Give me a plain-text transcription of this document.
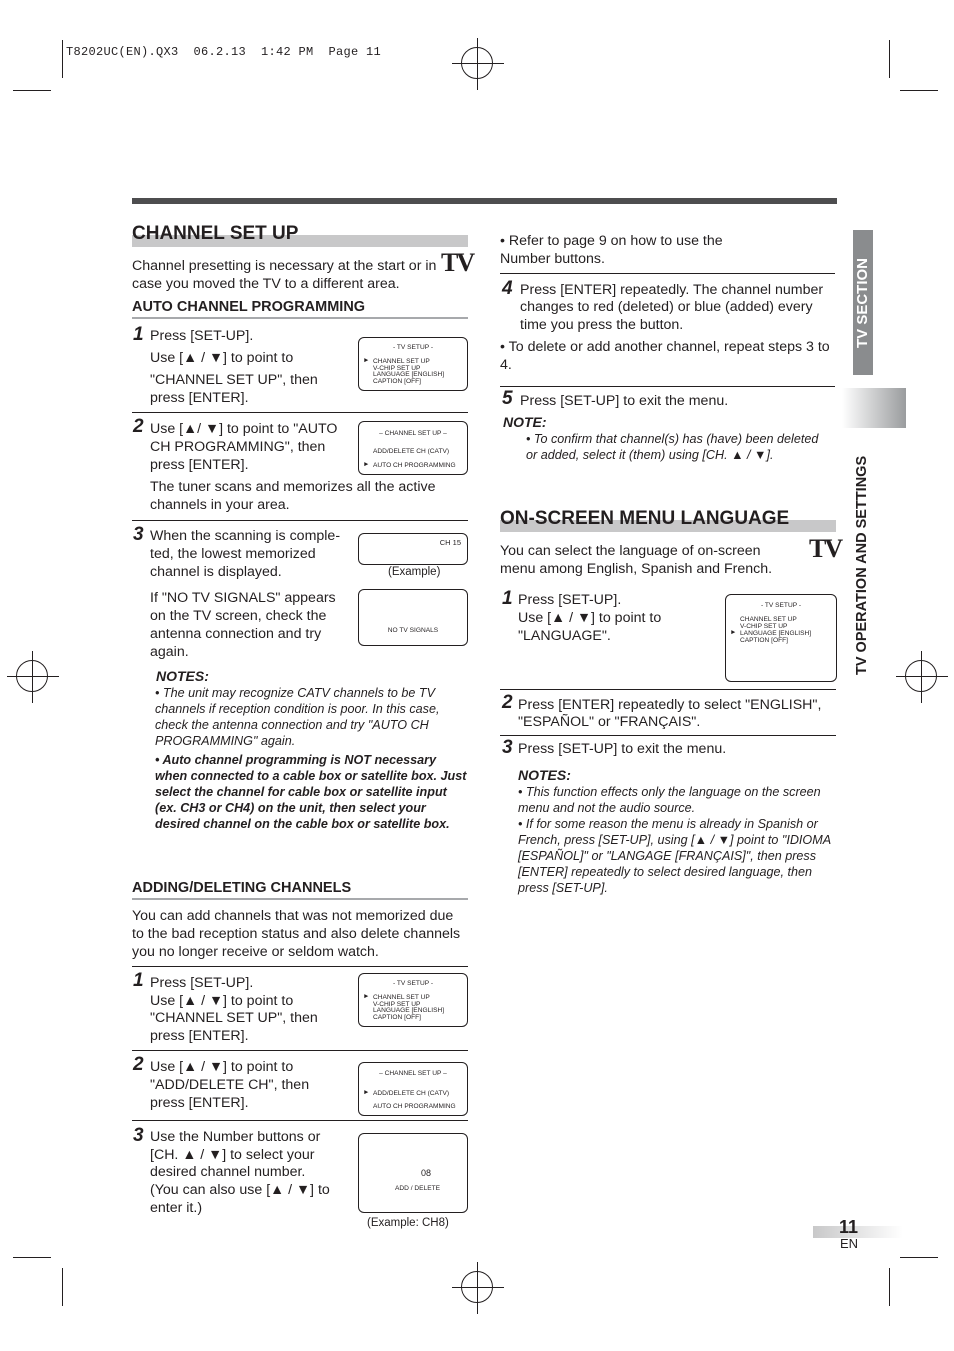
T8202UC(EN).QX3  06.2.13  1:42 PM  Page 11
TV SECTION
TV OPERATION AND SETTINGS
CHANNEL SET UP
TV
Channel presetting is necessary at the start or in case you moved the TV to a different area.
AUTO CHANNEL PROGRAMMING
1 Press [SET-UP].
Use [▲ / ▼] to point to
"CHANNEL SET UP", then
press [ENTER].
- TV SETUP -
► CHANNEL SET UP
V-CHIP SET UP
LANGUAGE [ENGLISH]
CAPTION [OFF]
2 Use [▲/ ▼] to point to "AUTO
CH PROGRAMMING", then
press [ENTER].
– CHANNEL SET UP –
ADD/DELETE CH (CATV)
► AUTO CH PROGRAMMING
The tuner scans and memorizes all the active channels in your area.
3 When the scanning is comple-
ted, the lowest memorized
channel is displayed.
If "NO TV SIGNALS" appears
on the TV screen, check the
antenna connection and try
again.
CH 15
(Example)
NO TV SIGNALS
NOTES:
• The unit may recognize CATV channels to be TV channels if reception condition is poor. In this case, check the antenna connection and try "AUTO CH PROGRAMMING" again.
• Auto channel programming is NOT necessary when connected to a cable box or satellite box. Just select the channel for cable box or satellite input (ex. CH3 or CH4) on the unit, then select your desired channel on the cable box or satellite box.
ADDING/DELETING CHANNELS
You can add channels that was not memorized due to the bad reception status and also delete channels you no longer receive or seldom watch.
1 Press [SET-UP].
Use [▲ / ▼] to point to
"CHANNEL SET UP", then
press [ENTER].
- TV SETUP -
► CHANNEL SET UP
V-CHIP SET UP
LANGUAGE [ENGLISH]
CAPTION [OFF]
2 Use [▲ / ▼] to point to
"ADD/DELETE CH", then
press [ENTER].
– CHANNEL SET UP –
► ADD/DELETE CH (CATV)
AUTO CH PROGRAMMING
3 Use the Number buttons or
[CH. ▲ / ▼] to select your
desired channel number.
(You can also use [▲ / ▼] to
enter it.)
08
ADD / DELETE
(Example: CH8)
• Refer to page 9 on how to use the Number buttons.
4 Press [ENTER] repeatedly. The channel number
changes to red (deleted) or blue (added) every
time you press the button.
• To delete or add another channel, repeat steps 3 to 4.
5 Press [SET-UP] to exit the menu.
NOTE:
• To confirm that channel(s) has (have) been deleted or added, select it (them) using [CH. ▲ / ▼].
ON-SCREEN MENU LANGUAGE
TV
You can select the language of on-screen menu among English, Spanish and French.
1 Press [SET-UP].
Use [▲ / ▼] to point to
"LANGUAGE".
- TV SETUP -
CHANNEL SET UP
V-CHIP SET UP
► LANGUAGE [ENGLISH]
CAPTION [OFF]
2 Press [ENTER] repeatedly to select "ENGLISH",
"ESPAÑOL" or "FRANÇAIS".
3 Press [SET-UP] to exit the menu.
NOTES:
• This function effects only the language on the screen menu and not the audio source.
• If for some reason the menu is already in Spanish or French, press [SET-UP], using [▲ / ▼] point to "IDIOMA [ESPAÑOL]" or "LANGAGE [FRANÇAIS]", then press [ENTER] repeatedly to select desired language, then press [SET-UP].
11
EN
